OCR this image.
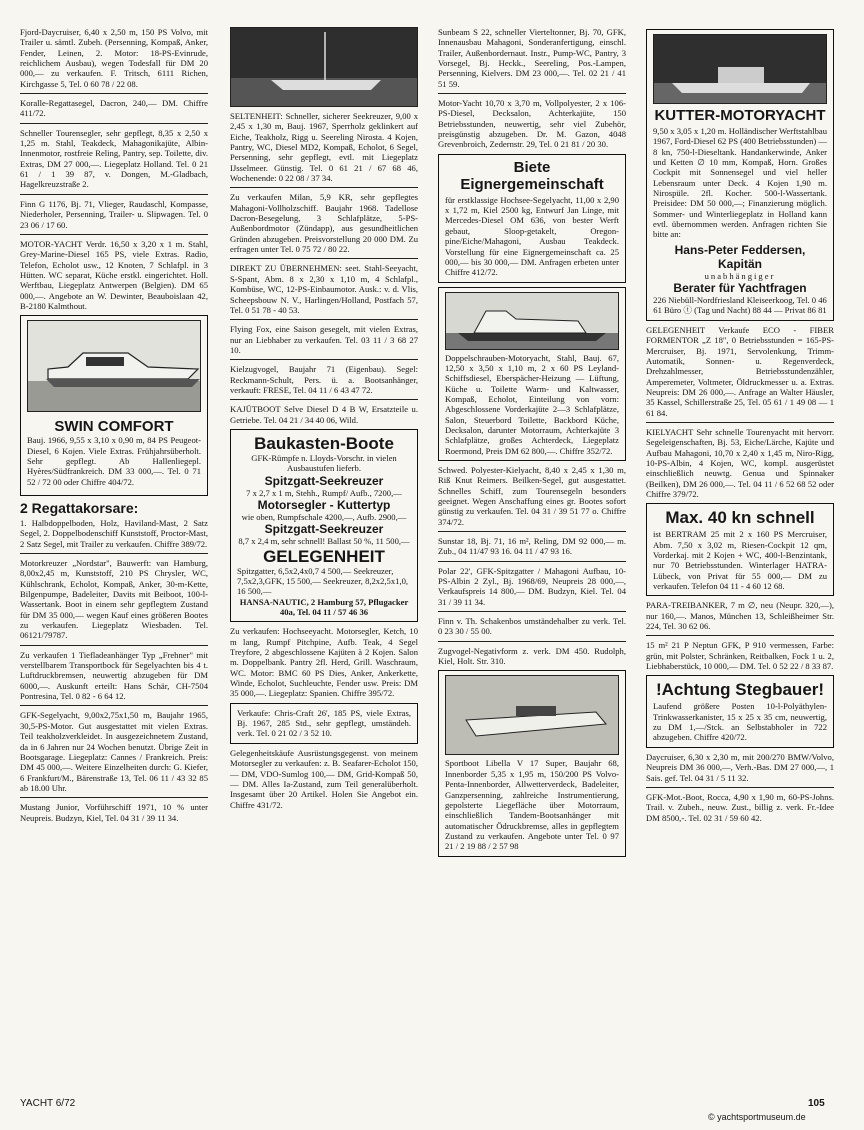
Fjord-Daycruiser, 6,40 x 2,50 m, 150 PS Volvo, mit Trailer u. sämtl. Zubeh. (Persenning, Kompaß, Anker, Fender, Leinen, 2. Motor: 18-PS-Evinrude, reichlichem Ausbau), wegen Todesfall für DM 20 000,— zu verkaufen. F. Tritsch, 6111 Richen, Kirchgasse 5, Tel. 0 60 78 / 22 08.

Koralle-Regattasegel, Dacron, 240,— DM. Chiffre 411/72.

Schneller Tourensegler, sehr gepflegt, 8,35 x 2,50 x 1,25 m. Stahl, Teakdeck, Mahagonikajüte, Albin-Innenmotor, rostfreie Reling, Pantry, sep. Toilette, div. Extras, DM 27 000,—. Liegeplatz Holland. Tel. 0 21 61 / 1 39 87, v. Dongen, M.-Gladbach, Hagelkreuzstraße 2.

Finn G 1176, Bj. 71, Vlieger, Raudaschl, Kompasse, Niederholer, Persenning, Trailer- u. Slipwagen. Tel. 0 23 06 / 17 60.

MOTOR-YACHT Verdr. 16,50 x 3,20 x 1 m. Stahl, Grey-Marine-Diesel 165 PS, viele Extras. Radio, Telefon, Echolot usw., 12 Knoten, 7 Schlafpl. in 3 Hütten. WC separat, Küche erstkl. eingerichtet. Holl. Werftbau, Liegeplatz Antwerpen (Belgien). DM 65 000,—. Angebote an W. Dewinter, Beauboislaan 42, B-2180 Kalmthout.

SWIN COMFORT

Bauj. 1966, 9,55 x 3,10 x 0,90 m, 84 PS Peugeot-Diesel, 6 Kojen. Viele Extras. Frühjahrsüberholt. Sehr gepflegt. Ab Hallenliegepl. Hyères/Südfrankreich. DM 33 000,—. Tel. 0 71 52 / 72 00 oder Chiffre 404/72.

2 Regattakorsare:

1. Halbdoppelboden, Holz, Haviland-Mast, 2 Satz Segel, 2. Doppelbodenschiff Kunststoff, Proctor-Mast, 2 Satz Segel, mit Trailer zu verkaufen. Chiffre 389/72.

Motorkreuzer „Nordstar", Bauwerft: van Hamburg, 8,00x2,45 m, Kunststoff, 210 PS Chrysler, WC, Kühlschrank, Echolot, Kompaß, Anker, 30-m-Kette, Bilgenpumpe, Badeleiter, Davits mit Beiboot, 100-l-Wassertank. Boot in einem sehr gepflegtem Zustand für DM 35 000,— wegen Kauf eines größeren Bootes zu verkaufen. Liegeplatz Wiesbaden. Tel. 06121/79787.

Zu verkaufen 1 Tiefladeanhänger Typ „Frehner" mit verstellbarem Transportbock für Segelyachten bis 4 t. Luftdruckbremsen, neuwertig abzugeben für DM 6000,—. Auskunft erteilt: Hans Schär, CH-7504 Pontresina, Tel. 0 82 - 6 64 12.

GFK-Segelyacht, 9,00x2,75x1,50 m, Baujahr 1965, 30,5-PS-Motor. Gut ausgestattet mit vielen Extras. Teil teakholzverkleidet. In ausgezeichnetem Zustand, da in 6 Jahren nur 24 Wochen benutzt. Übrige Zeit in Bootsgarage. Liegeplatz: Cannes / Frankreich. Preis: DM 45 000,—. Weitere Einzelheiten durch: G. Kiefer, 6 Frankfurt/M., Bärenstraße 13, Tel. 06 11 / 43 32 85 ab 18.00 Uhr.

Mustang Junior, Vorführschiff 1971, 10 % unter Neupreis. Budzyn, Kiel, Tel. 04 31 / 39 11 34.

SELTENHEIT: Schneller, sicherer Seekreuzer, 9,00 x 2,45 x 1,30 m, Bauj. 1967, Sperrholz geklinkert auf Eiche, Teakholz, Rigg u. Seereling Nirosta. 4 Kojen, Pantry, WC, Diesel MD2, Kompaß, Echolot, 6 Segel, Persenning, sehr gepflegt, evtl. mit Liegeplatz IJsselmeer. Günstig. Tel. 0 61 21 / 67 68 46, Wochenende: 0 22 08 / 37 34.

Zu verkaufen Milan, 5,9 KR, sehr gepflegtes Mahagoni-Vollholzschiff. Baujahr 1968. Tadellose Dacron-Besegelung, 3 Schlafplätze, 5-PS-Außenbordmotor (Zündapp), aus gesundheitlichen Gründen abzugeben. Preisvorstellung 20 000 DM. Zu erfragen unter Tel. 0 75 72 / 80 22.

DIREKT ZU ÜBERNEHMEN: seet. Stahl-Seeyacht, S-Spant, Abm. 8 x 2,30 x 1,10 m, 4 Schlafpl., Kombüse, WC, 12-PS-Einbaumotor. Ausk.: v. d. Vlis, Scheepsbouw N. V., Harlingen/Holland, Postfach 57, Tel. 0 51 78 - 40 53.

Flying Fox, eine Saison gesegelt, mit vielen Extras, nur an Liebhaber zu verkaufen. Tel. 03 11 / 3 68 27 10.

Kielzugvogel, Baujahr 71 (Eigenbau). Segel: Reckmann-Schult, Pers. ü. a. Bootsanhänger, verkauft: FRESE, Tel. 04 11 / 6 43 47 72.

KAJÜTBOOT Selve Diesel D 4 B W, Ersatzteile u. Getriebe. Tel. 04 21 / 34 40 06, Wild.

Baukasten-Boote
GFK-Rümpfe n. Lloyds-Vorschr. in vielen Ausbaustufen lieferb.
Spitzgatt-Seekreuzer
7 x 2,7 x 1 m, Stehh., Rumpf/ Aufb., 7200,—
Motorsegler - Kuttertyp
wie oben, Rumpfschale 4200,—, Aufb. 2900,—
Spitzgatt-Seekreuzer
8,7 x 2,4 m, sehr schnell! Ballast 50 %, 11 500,—
GELEGENHEIT
Spitzgatter, 6,5x2,4x0,7 4 500,— Seekreuzer, 7,5x2,3,GFK, 15 500,— Seekreuzer, 8,2x2,5x1,0, 16 500,—
HANSA-NAUTIC, 2 Hamburg 57, Pflugacker 40a, Tel. 04 11 / 57 46 36

Zu verkaufen: Hochseeyacht. Motorsegler, Ketch, 10 m lang, Rumpf Pitchpine, Aufb. Teak, 4 Segel Treyfore, 2 abgeschlossene Kajüten à 2 Kojen. Salon m. Doppelbank. Pantry 2fl. Herd, Grill. Waschraum, WC. Motor: BMC 60 PS Dies, Anker, Ankerkette, Winde, Echolot, Suchleuchte, Fender usw. Preis: DM 35 000,—. Liegeplatz: Spanien. Chiffre 395/72.

Verkaufe: Chris-Craft 26', 185 PS, viele Extras, Bj. 1967, 285 Std., sehr gepflegt, umständeh. verk. Tel. 0 21 02 / 3 52 10.

Gelegenheitskäufe Ausrüstungsgegenst. von meinem Motorsegler zu verkaufen: z. B. Seafarer-Echolot 150,— DM, VDO-Sumlog 100,— DM, Grid-Kompaß 50,— DM. Alles Ia-Zustand, zum Teil generalüberholt. Insgesamt über 20 Artikel. Holen Sie Angebot ein. Chiffre 431/72.

Sunbeam S 22, schneller Vierteltonner, Bj. 70, GFK, Innenausbau Mahagoni, Sonderanfertigung, einschl. Trailer, Außenbordernaut. Instr., Pump-WC, Pantry, 3 Vorsegel, Bj. Heckk., Seereling, Pos.-Lampen, Persenning, Kielvers. DM 23 000,—. Tel. 02 21 / 41 51 59.

Motor-Yacht 10,70 x 3,70 m, Vollpolyester, 2 x 106-PS-Diesel, Decksalon, Achterkajüte, 150 Betriebsstunden, neuwertig, sehr viel Zubehör, preisgünstig abzugeben. Dr. M. Gazon, 4048 Grevenbroich, Zedernstr. 29, Tel. 0 21 81 / 20 30.

Biete Eignergemeinschaft

für erstklassige Hochsee-Segelyacht, 11,00 x 2,90 x 1,72 m, Kiel 2500 kg, Entwurf Jan Linge, mit Mercedes-Diesel OM 636, von bester Werft gebaut, Sloop-getakelt, Oregon-pine/Eiche/Mahagoni, Ausbau Teakdeck. Vorstellung für eine Eignergemeinschaft ca. 25 000,— bis 30 000,— DM. Anfragen erbeten unter Chiffre 412/72.

Doppelschrauben-Motoryacht, Stahl, Bauj. 67, 12,50 x 3,50 x 1,10 m, 2 x 60 PS Leyland-Schiffsdiesel, Eberspächer-Heizung — Lüftung, Küche u. Toilette Warm- und Kaltwasser, Kompaß, Echolot, Einteilung von vorn: Abgeschlossene Vorderkajüte 2—3 Schlafplätze, Salon, Steuerbord Toilette, Backbord Küche, Decksalon, darunter Motorraum, Achterkajüte 3 Schlafplätze, großes Achterdeck, Liegeplatz Roermond, Preis DM 62 800,—. Chiffre 352/72.

Schwed. Polyester-Kielyacht, 8,40 x 2,45 x 1,30 m, Riß Knut Reimers. Beilken-Segel, gut ausgestattet. Schnelles Schiff, zum Tourensegeln besonders geeignet. Wegen Anschaffung eines gr. Bootes sofort günstig zu verkaufen. Tel. 04 31 / 39 51 77 o. Chiffre 374/72.

Sunstar 18, Bj. 71, 16 m², Reling, DM 92 000,— m. Zub., 04 11/47 93 16. 04 11 / 47 93 16.

Polar 22', GFK-Spitzgatter / Mahagoni Aufbau, 10-PS-Albin 2 Zyl., Bj. 1968/69, Neupreis 28 000,—, Verkaufspreis 14 800,— DM. Budzyn, Kiel. Tel. 04 31 / 39 11 34.

Finn v. Th. Schakenbos umständehalber zu verk. Tel. 0 23 30 / 55 00.

Zugvogel-Negativform z. verk. DM 450. Rudolph, Kiel, Holt. Str. 310.

Sportboot Libella V 17 Super, Baujahr 68, Innenborder 5,35 x 1,95 m, 150/200 PS Volvo-Penta-Innenborder, Allwetterverdeck, Badeleiter, Ganzpersenning, zahlreiche Instrumentierung, gepolsterte Liegefläche über Motorraum, einschließlich Tandem-Bootsanhänger mit automatischer Ödruckbremse, alles in gepflegtem Zustand zu verkaufen. Angebote unter Tel. 0 97 21 / 2 19 88 / 2 57 98

KUTTER-MOTORYACHT

9,50 x 3,05 x 1,20 m. Holländischer Werftstahlbau 1967, Ford-Diesel 62 PS (400 Betriebsstunden) — 8 kn, 750-l-Dieseltank. Handankerwinde, Anker und Ketten ∅ 10 mm, Kompaß, Horn. Großes Cockpit mit Sonnensegel und viel heller Lebensraum unter Deck. 4 Kojen 1,90 m. Nirospüle. 2fl. Kocher. 500-l-Wassertank. Preisidee: DM 50 000,—; Finanzierung möglich. Sommer- und Winterliegeplatz in Holland kann evtl. übernommen werden. Anfragen richten Sie bitte an:

Hans-Peter Feddersen, Kapitän
unabhängiger
Berater für Yachtfragen
226 Niebüll-Nordfriesland Kleiseerkoog, Tel. 0 46 61 Büro ⓣ (Tag und Nacht) 88 44 — Privat 86 81

GELEGENHEIT Verkaufe ECO - FIBER FORMENTOR „Z 18", 0 Betriebsstunden = 165-PS-Mercruiser, Bj. 1971, Servolenkung, Trimm-Automatik, Sonnen- u. Regenverdeck, Drehzahlmesser, Betriebsstundenzähler, Amperemeter, Voltmeter, Öldruckmesser u. a. Extras. Neupreis: DM 26 000,—. Anfrage an Walter Häusler, 35 Kassel, Schillerstraße 25, Tel. 05 61 / 1 49 08 — 1 61 84.

KIELYACHT Sehr schnelle Tourenyacht mit hervorr. Segeleigenschaften, Bj. 53, Eiche/Lärche, Kajüte und Aufbau Mahagoni, 10,70 x 2,40 x 1,45 m, Niro-Rigg, 10-PS-Albin, 4 Kojen, WC, kompl. ausgerüstet einschließlich neuwtg. Genua und Spinnaker (Beilken), DM 26 000,—. Tel. 04 11 / 6 52 68 52 oder Chiffre 379/72.

Max. 40 kn schnell

ist BERTRAM 25 mit 2 x 160 PS Mercruiser, Abm. 7,50 x 3,02 m, Riesen-Cockpit 12 qm, Vorderkaj. mit 2 Kojen + WC, 400-l-Benzintank, nur 70 Betriebsstunden. Winterlager HATRA-Lübeck, von Privat für 55 000,— DM zu verkaufen. Telefon 04 11 - 4 60 12 68.

PARA-TREIBANKER, 7 m ∅, neu (Neupr. 320,—), nur 160,—. Manos, München 13, Schleißheimer Str. 224, Tel. 30 62 06.

15 m² 21 P Neptun GFK, P 910 vermessen, Farbe: grün, mit Polster, Schränken, Reitbalken, Fock 1 u. 2, Liebhaberstück, 10 000,— DM. Tel. 0 52 22 / 8 33 87.

!Achtung Stegbauer!

Laufend größere Posten 10-l-Polyäthylen-Trinkwasserkanister, 15 x 25 x 35 cm, neuwertig, zu DM 1,—/Stck. an Selbstabholer in 722 abzugeben. Chiffre 420/72.

Daycruiser, 6,30 x 2,30 m, mit 200/270 BMW/Volvo, Neupreis DM 36 000,—, Verh.-Bas. DM 27 000,—, 1 Sais. gef. Tel. 04 31 / 5 11 32.

GFK-Mot.-Boot, Rocca, 4,90 x 1,90 m, 60-PS-Johns. Trail. v. Zubeh., neuw. Zust., billig z. verk. Fr.-Idee DM 8500,-. Tel. 02 31 / 59 60 42.

YACHT 6/72	105
© yachtsportmuseum.de
